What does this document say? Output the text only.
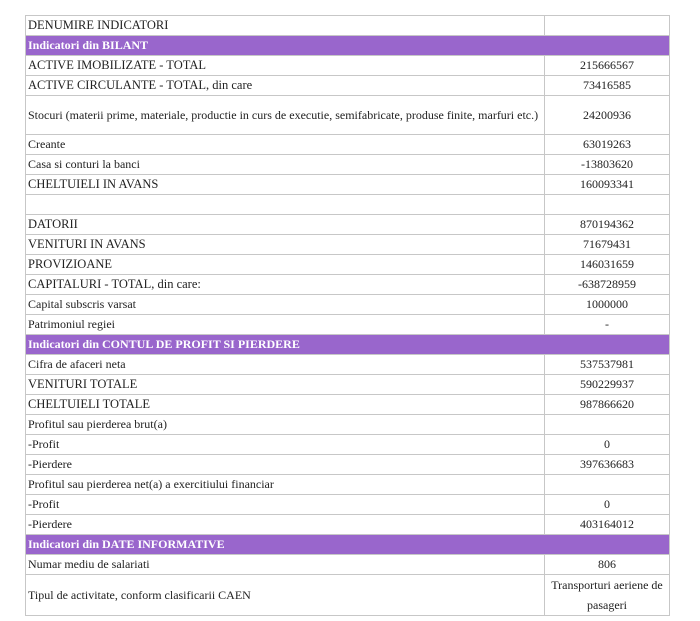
DENUMIRE INDICATORI	
Indicatori din BILANT	
ACTIVE IMOBILIZATE - TOTAL	215666567
ACTIVE CIRCULANTE - TOTAL, din care	73416585
Stocuri (materii prime, materiale, productie in curs de executie, semifabricate, produse finite, marfuri etc.)	24200936
Creante	63019263
Casa si conturi la banci	-13803620
CHELTUIELI IN AVANS	160093341

DATORII	870194362
VENITURI IN AVANS	71679431
PROVIZIOANE	146031659
CAPITALURI - TOTAL, din care:	-638728959
Capital subscris varsat	1000000
Patrimoniul regiei	-
Indicatori din CONTUL DE PROFIT SI PIERDERE	
Cifra de afaceri neta	537537981
VENITURI TOTALE	590229937
CHELTUIELI TOTALE	987866620
Profitul sau pierderea brut(a)	
-Profit	0
-Pierdere	397636683
Profitul sau pierderea net(a) a exercitiului financiar	
-Profit	0
-Pierdere	403164012
Indicatori din DATE INFORMATIVE	
Numar mediu de salariati	806
Tipul de activitate, conform clasificarii CAEN	Transporturi aeriene de pasageri
